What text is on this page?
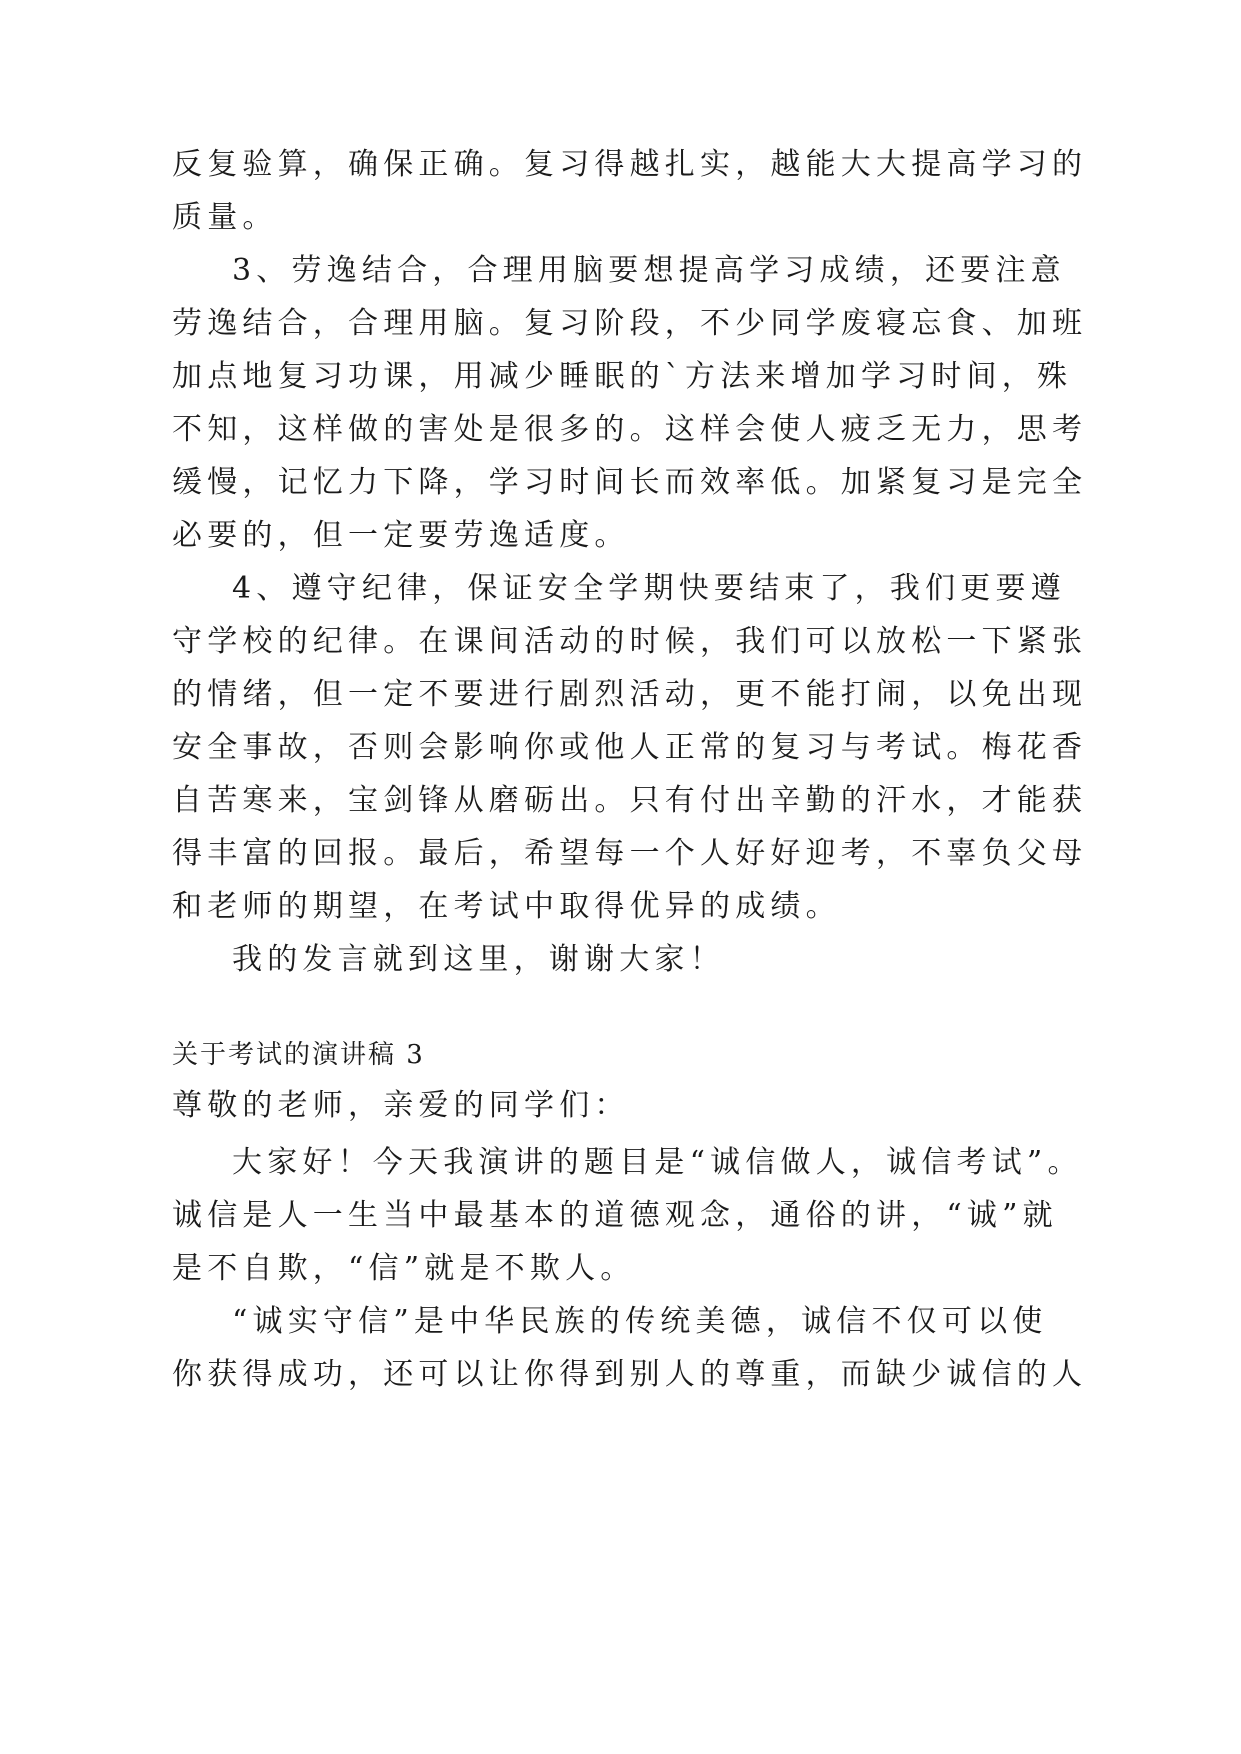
反复验算，确保正确。复习得越扎实，越能大大提高学习的
质量。
3、劳逸结合，合理用脑要想提高学习成绩，还要注意
劳逸结合，合理用脑。复习阶段，不少同学废寝忘食、加班
加点地复习功课，用减少睡眠的`方法来增加学习时间，殊
不知，这样做的害处是很多的。这样会使人疲乏无力，思考
缓慢，记忆力下降，学习时间长而效率低。加紧复习是完全
必要的，但一定要劳逸适度。
4、遵守纪律，保证安全学期快要结束了，我们更要遵
守学校的纪律。在课间活动的时候，我们可以放松一下紧张
的情绪，但一定不要进行剧烈活动，更不能打闹，以免出现
安全事故，否则会影响你或他人正常的复习与考试。梅花香
自苦寒来，宝剑锋从磨砺出。只有付出辛勤的汗水，才能获
得丰富的回报。最后，希望每一个人好好迎考，不辜负父母
和老师的期望，在考试中取得优异的成绩。
我的发言就到这里，谢谢大家！
关于考试的演讲稿 3
尊敬的老师，亲爱的同学们：
大家好！今天我演讲的题目是“诚信做人，诚信考试”。
诚信是人一生当中最基本的道德观念，通俗的讲，“诚”就
是不自欺，“信”就是不欺人。
“诚实守信”是中华民族的传统美德，诚信不仅可以使
你获得成功，还可以让你得到别人的尊重，而缺少诚信的人
